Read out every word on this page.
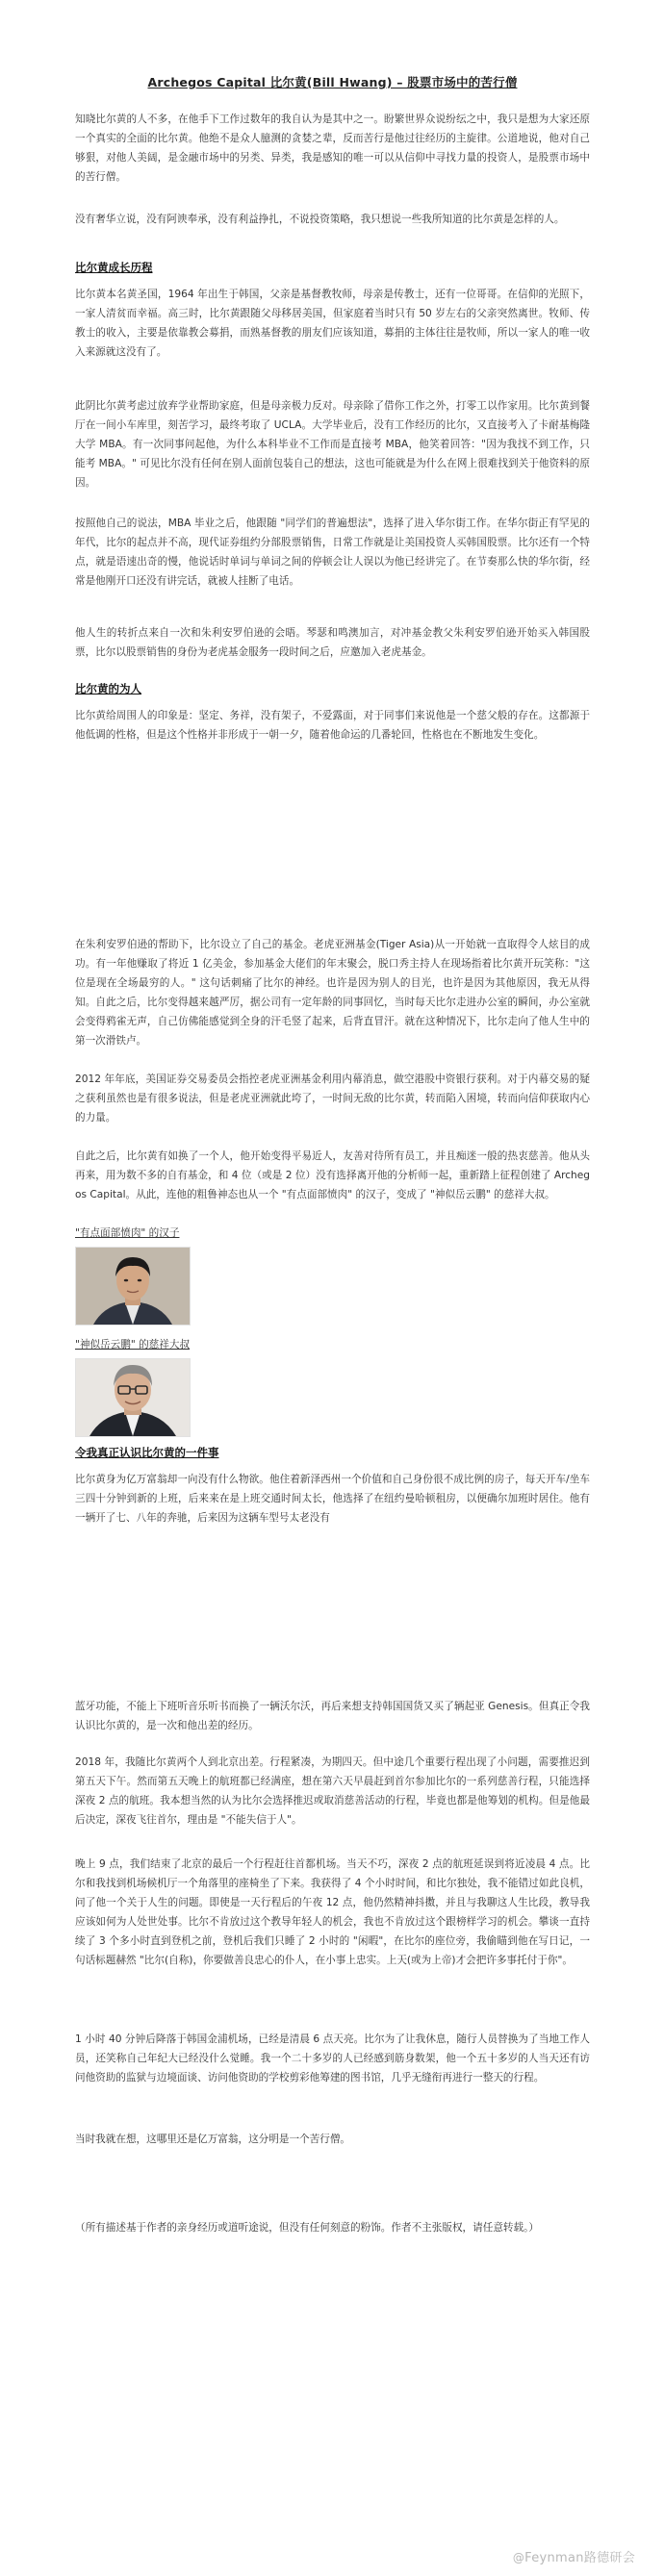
Archegos Capital 比尔黄(Bill Hwang) – 股票市场中的苦行僧

知晓比尔黄的人不多，在他手下工作过数年的我自认为是其中之一。盼繁世界众说纷纭之中，我只是想为大家还原一个真实的全面的比尔黄。他绝不是众人臆测的贪婪之辈，反而苦行是他过往经历的主旋律。公道地说，他对自己够狠，对他人美阔，是金融市场中的另类、异类，我是感知的唯一可以从信仰中寻找力量的投资人，是股票市场中的苦行僧。

没有奢华立说，没有阿谀奉承，没有利益挣扎，不说投资策略，我只想说一些我所知道的比尔黄是怎样的人。

比尔黄成长历程

比尔黄本名黄圣国，1964 年出生于韩国，父亲是基督教牧师，母亲是传教士，还有一位哥哥。在信仰的光照下，一家人清贫而幸福。高三时，比尔黄跟随父母移居美国，但家庭着当时只有 50 岁左右的父亲突然离世。牧师、传教士的收入，主要是依靠教会募捐，而熟基督教的朋友们应该知道，募捐的主体往往是牧师，所以一家人的唯一收入来源就这没有了。

此阴比尔黄考虑过放弃学业帮助家庭，但是母亲极力反对。母亲除了借你工作之外，打零工以作家用。比尔黄到餐厅在一间小车库里，刻苦学习，最终考取了 UCLA。大学毕业后，没有工作经历的比尔，又直接考入了卡耐基梅隆大学 MBA。有一次同事问起他，为什么本科毕业不工作而是直接考 MBA，他笑着回答："因为我找不到工作，只能考 MBA。" 可见比尔没有任何在别人面前包装自己的想法，这也可能就是为什么在网上很难找到关于他资料的原因。

按照他自己的说法，MBA 毕业之后，他跟随 "同学们的普遍想法"，选择了进入华尔街工作。在华尔街正有罕见的年代，比尔的起点并不高，现代证券组约分部股票销售，日常工作就是让美国投资人买韩国股票。比尔还有一个特点，就是语速出奇的慢，他说话时单词与单词之间的停顿会让人误以为他已经讲完了。在节奏那么快的华尔街，经常是他刚开口还没有讲完话，就被人挂断了电话。

他人生的转折点来自一次和朱利安罗伯逊的会晤。琴瑟和鸣澳加言，对冲基金教父朱利安罗伯逊开始买入韩国股票，比尔以股票销售的身份为老虎基金服务一段时间之后，应邀加入老虎基金。

比尔黄的为人

比尔黄给周围人的印象是：坚定、务祥，没有架子，不爱露面，对于同事们来说他是一个慈父般的存在。这都源于他低调的性格，但是这个性格并非形成于一朝一夕，随着他命运的几番轮回，性格也在不断地发生变化。

在朱利安罗伯逊的帮助下，比尔设立了自己的基金。老虎亚洲基金(Tiger Asia)从一开始就一直取得令人炫目的成功。有一年他赚取了将近 1 亿美金，参加基金大佬们的年末聚会，脱口秀主持人在现场指着比尔黄开玩笑称："这位是现在全场最穷的人。" 这句话刺痛了比尔的神经。也许是因为别人的目光，也许是因为其他原因，我无从得知。自此之后，比尔变得越来越严厉，据公司有一定年龄的同事回忆，当时每天比尔走进办公室的瞬间，办公室就会变得鸦雀无声，自己仿佛能感觉到全身的汗毛竖了起来，后背直冒汗。就在这种情况下，比尔走向了他人生中的第一次滑铁卢。

2012 年年底，美国证券交易委员会指控老虎亚洲基金利用内幕消息，做空港股中资银行获利。对于内幕交易的疑之获利虽然也是有很多说法，但是老虎亚洲就此垮了，一时间无敌的比尔黄，转而陷入困境，转而向信仰获取内心的力量。

自此之后，比尔黄有如换了一个人，他开始变得平易近人，友善对待所有员工，并且痴迷一般的热衷慈善。他从头再来，用为数不多的自有基金，和 4 位（或是 2 位）没有选择离开他的分析师一起，重新踏上征程创建了 Archegos Capital。从此，连他的粗鲁神态也从一个 "有点面部愤肉" 的汉子，变成了 "神似岳云鹏" 的慈祥大叔。

"有点面部愤肉" 的汉子

"神似岳云鹏" 的慈祥大叔

令我真正认识比尔黄的一件事

比尔黄身为亿万富翁却一向没有什么物欲。他住着新泽西州一个价值和自己身份很不成比例的房子，每天开车/坐车三四十分钟到新的上班，后来来在是上班交通时间太长，他选择了在纽约曼哈顿租房，以便确尔加班时居住。他有一辆开了七、八年的奔驰，后来因为这辆车型号太老没有

蓝牙功能，不能上下班听音乐听书而换了一辆沃尔沃，再后来想支持韩国国货又买了辆起亚 Genesis。但真正令我认识比尔黄的，是一次和他出差的经历。

2018 年，我随比尔黄两个人到北京出差。行程紧凑，为期四天。但中途几个重要行程出现了小问题，需要推迟到第五天下午。然而第五天晚上的航班都已经满座，想在第六天早晨赶到首尔参加比尔的一系列慈善行程，只能选择深夜 2 点的航班。我本想当然的认为比尔会选择推迟或取消慈善活动的行程，毕竟也都是他筹划的机构。但是他最后决定，深夜飞往首尔，理由是 "不能失信于人"。

晚上 9 点，我们结束了北京的最后一个行程赶往首都机场。当天不巧，深夜 2 点的航班延误到将近凌晨 4 点。比尔和我找到机场候机厅一个角落里的座椅坐了下来。我获得了 4 个小时时间，和比尔独处，我不能错过如此良机，问了他一个关于人生的问题。即使是一天行程后的午夜 12 点，他仍然精神抖擞，并且与我聊这人生比段，教导我应该如何为人处世处事。比尔不肯放过这个教导年轻人的机会，我也不肯放过这个跟榜样学习的机会。攀谈一直持续了 3 个多小时直到登机之前，登机后我们只睡了 2 小时的 "闲暇"，在比尔的座位旁，我偷瞄到他在写日记，一句话标题赫然 "比尔(自称)，你要做善良忠心的仆人，在小事上忠实。上天(或为上帝)才会把许多事托付于你"。

1 小时 40 分钟后降落于韩国金浦机场，已经是清晨 6 点天亮。比尔为了让我休息，随行人员替换为了当地工作人员，还笑称自己年纪大已经没什么觉睡。我一个二十多岁的人已经感到筋身数架，他一个五十多岁的人当天还有访问他资助的监狱与边境面谈、访问他资助的学校剪彩他筹建的图书馆，几乎无缝衔再进行一整天的行程。

当时我就在想，这哪里还是亿万富翁，这分明是一个苦行僧。

（所有描述基于作者的亲身经历或道听途说，但没有任何刻意的粉饰。作者不主张版权，请任意转载。）

@Feynman路德研会
